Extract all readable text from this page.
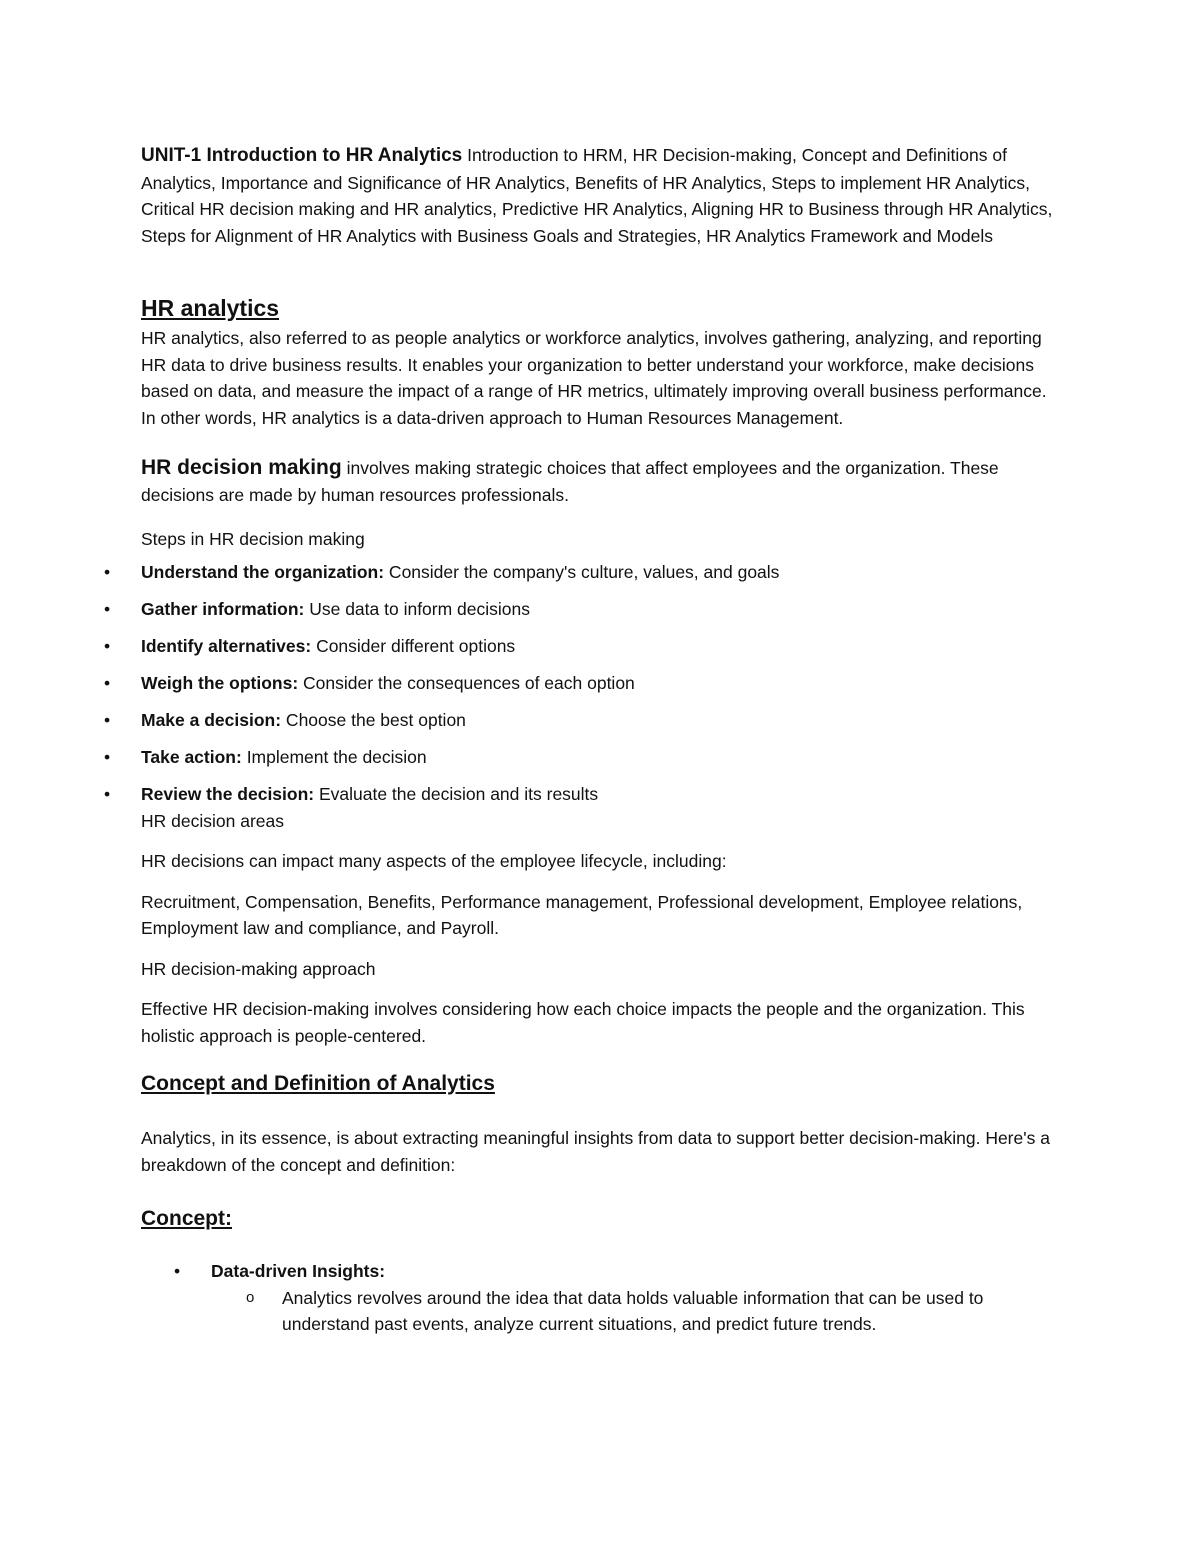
UNIT-1 Introduction to HR Analytics Introduction to HRM, HR Decision-making, Concept and Definitions of Analytics, Importance and Significance of HR Analytics, Benefits of HR Analytics, Steps to implement HR Analytics, Critical HR decision making and HR analytics, Predictive HR Analytics, Aligning HR to Business through HR Analytics, Steps for Alignment of HR Analytics with Business Goals and Strategies, HR Analytics Framework and Models

HR analytics

HR analytics, also referred to as people analytics or workforce analytics, involves gathering, analyzing, and reporting HR data to drive business results. It enables your organization to better understand your workforce, make decisions based on data, and measure the impact of a range of HR metrics, ultimately improving overall business performance. In other words, HR analytics is a data-driven approach to Human Resources Management.

HR decision making involves making strategic choices that affect employees and the organization. These decisions are made by human resources professionals.

Steps in HR decision making

• Understand the organization: Consider the company's culture, values, and goals
• Gather information: Use data to inform decisions
• Identify alternatives: Consider different options
• Weigh the options: Consider the consequences of each option
• Make a decision: Choose the best option
• Take action: Implement the decision
• Review the decision: Evaluate the decision and its results

HR decision areas

HR decisions can impact many aspects of the employee lifecycle, including:

Recruitment, Compensation, Benefits, Performance management, Professional development, Employee relations, Employment law and compliance, and Payroll.

HR decision-making approach

Effective HR decision-making involves considering how each choice impacts the people and the organization. This holistic approach is people-centered.

Concept and Definition of Analytics

Analytics, in its essence, is about extracting meaningful insights from data to support better decision-making. Here's a breakdown of the concept and definition:

Concept:
• Data-driven Insights:
o Analytics revolves around the idea that data holds valuable information that can be used to understand past events, analyze current situations, and predict future trends.
